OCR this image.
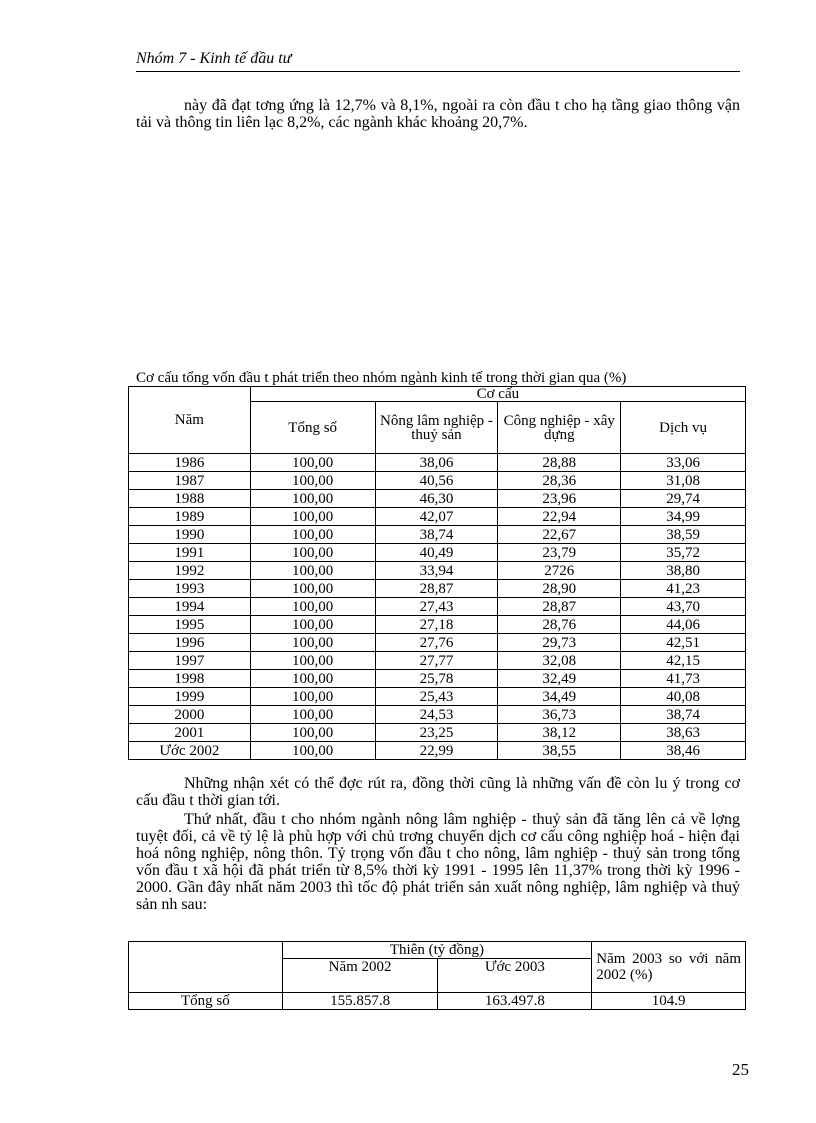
Nhóm 7 - Kinh tế đầu tư

này đã đạt tơng ứng là 12,7% và 8,1%, ngoài ra còn đầu t cho hạ tầng giao thông vận tải và thông tin liên lạc 8,2%, các ngành khác khoảng 20,7%.

Cơ cấu tổng vốn đầu t phát triển theo nhóm ngành kinh tế trong thời gian qua (%)
Năm	Cơ cấu			
	Tổng số	Nông lâm nghiệp - thuỷ sản	Công nghiệp - xây dựng	Dịch vụ
1986	100,00	38,06	28,88	33,06
1987	100,00	40,56	28,36	31,08
1988	100,00	46,30	23,96	29,74
1989	100,00	42,07	22,94	34,99
1990	100,00	38,74	22,67	38,59
1991	100,00	40,49	23,79	35,72
1992	100,00	33,94	2726	38,80
1993	100,00	28,87	28,90	41,23
1994	100,00	27,43	28,87	43,70
1995	100,00	27,18	28,76	44,06
1996	100,00	27,76	29,73	42,51
1997	100,00	27,77	32,08	42,15
1998	100,00	25,78	32,49	41,73
1999	100,00	25,43	34,49	40,08
2000	100,00	24,53	36,73	38,74
2001	100,00	23,25	38,12	38,63
Ước 2002	100,00	22,99	38,55	38,46

Những nhận xét có thể đợc rút ra, đồng thời cũng là những vấn đề còn lu ý trong cơ cấu đầu t thời gian tới.

Thứ nhất, đầu t cho nhóm ngành nông lâm nghiệp - thuỷ sản đã tăng lên cả về lợng tuyệt đối, cả về tỷ lệ là phù hợp với chủ trơng chuyển dịch cơ cấu công nghiệp hoá - hiện đại hoá nông nghiệp, nông thôn. Tỷ trọng vốn đầu t cho nông, lâm nghiệp - thuỷ sản trong tổng vốn đầu t xã hội đã phát triển từ 8,5% thời kỳ 1991 - 1995 lên 11,37% trong thời kỳ 1996 - 2000. Gần đây nhất năm 2003 thì tốc độ phát triển sản xuất nông nghiệp, lâm nghiệp và thuỷ sản nh sau:

	Thiên (tỷ đồng)		Năm 2003 so với năm 2002 (%)
	Năm 2002	Ước 2003	
Tổng số	155.857.8	163.497.8	104.9
25
